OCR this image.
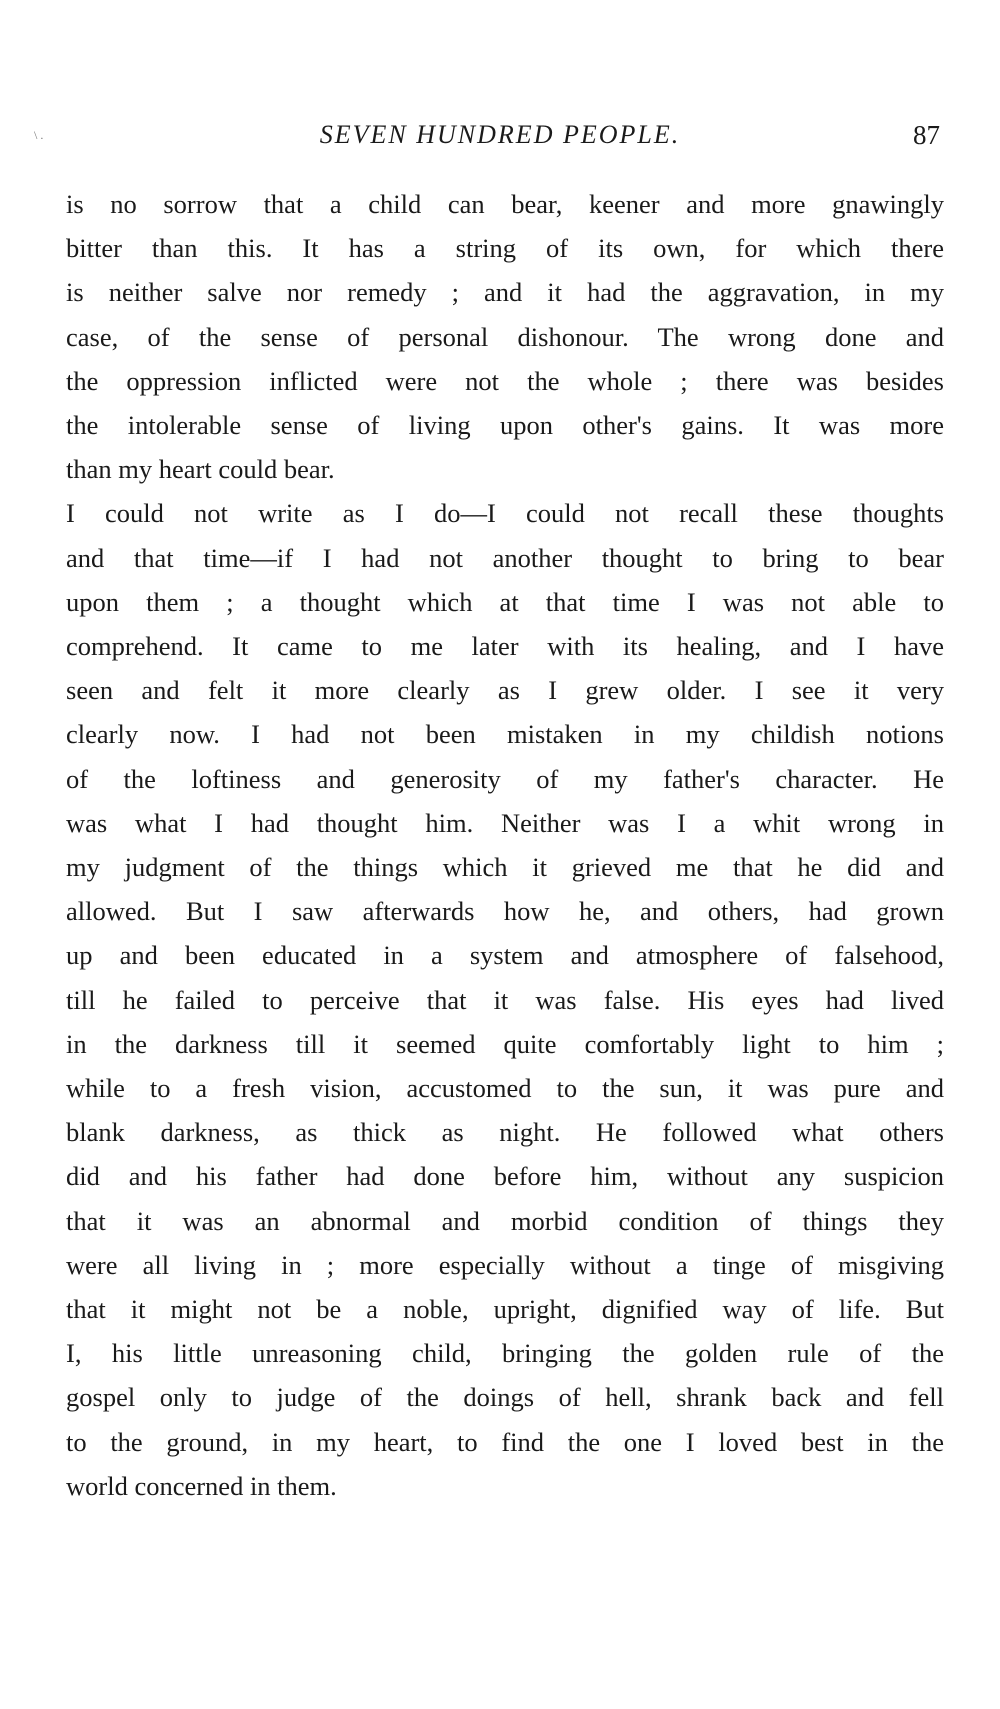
\ .	SEVEN HUNDRED PEOPLE.	87

is no sorrow that a child can bear, keener and more gnawingly
bitter than this. It has a string of its own, for which there
is neither salve nor remedy ; and it had the aggravation, in my
case, of the sense of personal dishonour. The wrong done and
the oppression inflicted were not the whole ; there was besides
the intolerable sense of living upon other's gains. It was more
than my heart could bear.

I could not write as I do—I could not recall these thoughts
and that time—if I had not another thought to bring to bear
upon them ; a thought which at that time I was not able to
comprehend. It came to me later with its healing, and I have
seen and felt it more clearly as I grew older. I see it very
clearly now. I had not been mistaken in my childish notions
of the loftiness and generosity of my father's character. He
was what I had thought him. Neither was I a whit wrong in
my judgment of the things which it grieved me that he did and
allowed. But I saw afterwards how he, and others, had grown
up and been educated in a system and atmosphere of falsehood,
till he failed to perceive that it was false. His eyes had lived
in the darkness till it seemed quite comfortably light to him ;
while to a fresh vision, accustomed to the sun, it was pure and
blank darkness, as thick as night. He followed what others
did and his father had done before him, without any suspicion
that it was an abnormal and morbid condition of things they
were all living in ; more especially without a tinge of misgiving
that it might not be a noble, upright, dignified way of life. But
I, his little unreasoning child, bringing the golden rule of the
gospel only to judge of the doings of hell, shrank back and fell
to the ground, in my heart, to find the one I loved best in the
world concerned in them.
